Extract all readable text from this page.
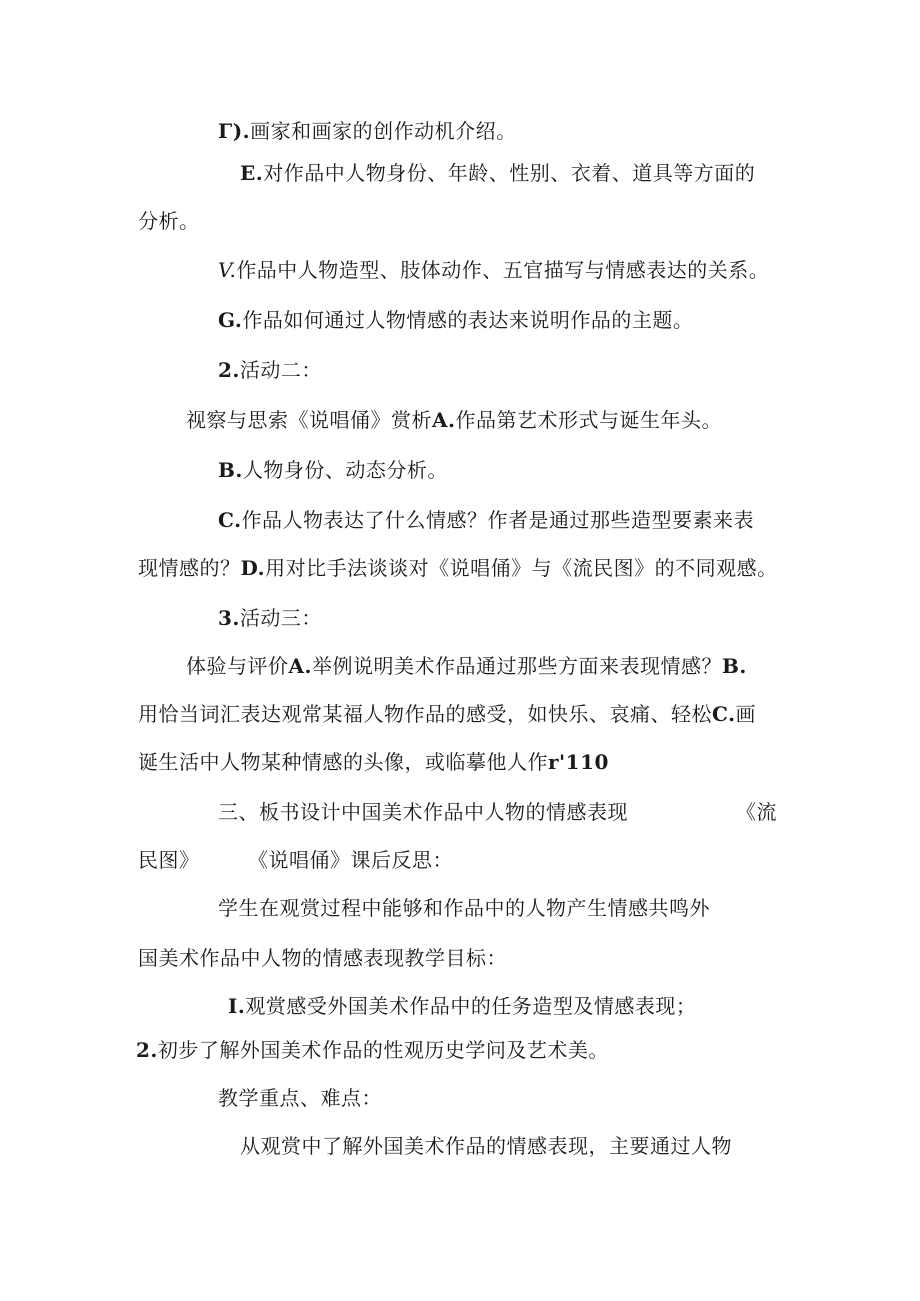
Γ).画家和画家的创作动机介绍。
E.对作品中人物身份、年龄、性别、衣着、道具等方面的
分析。
V.作品中人物造型、肢体动作、五官描写与情感表达的关系。
G.作品如何通过人物情感的表达来说明作品的主题。
2.活动二：
视察与思索《说唱俑》赏析A.作品第艺术形式与诞生年头。
B.人物身份、动态分析。
C.作品人物表达了什么情感？作者是通过那些造型要素来表
现情感的？D.用对比手法谈谈对《说唱俑》与《流民图》的不同观感。
3.活动三：
体验与评价A.举例说明美术作品通过那些方面来表现情感？B.
用恰当词汇表达观常某福人物作品的感受，如快乐、哀痛、轻松C.画
诞生活中人物某种情感的头像，或临摹他人作r'110
三、板书设计中国美术作品中人物的情感表现	《流
民图》 《说唱俑》课后反思：
学生在观赏过程中能够和作品中的人物产生情感共鸣外
国美术作品中人物的情感表现教学目标：
I.观赏感受外国美术作品中的任务造型及情感表现；
2.初步了解外国美术作品的性观历史学问及艺术美。
教学重点、难点：
从观赏中了解外国美术作品的情感表现，主要通过人物
